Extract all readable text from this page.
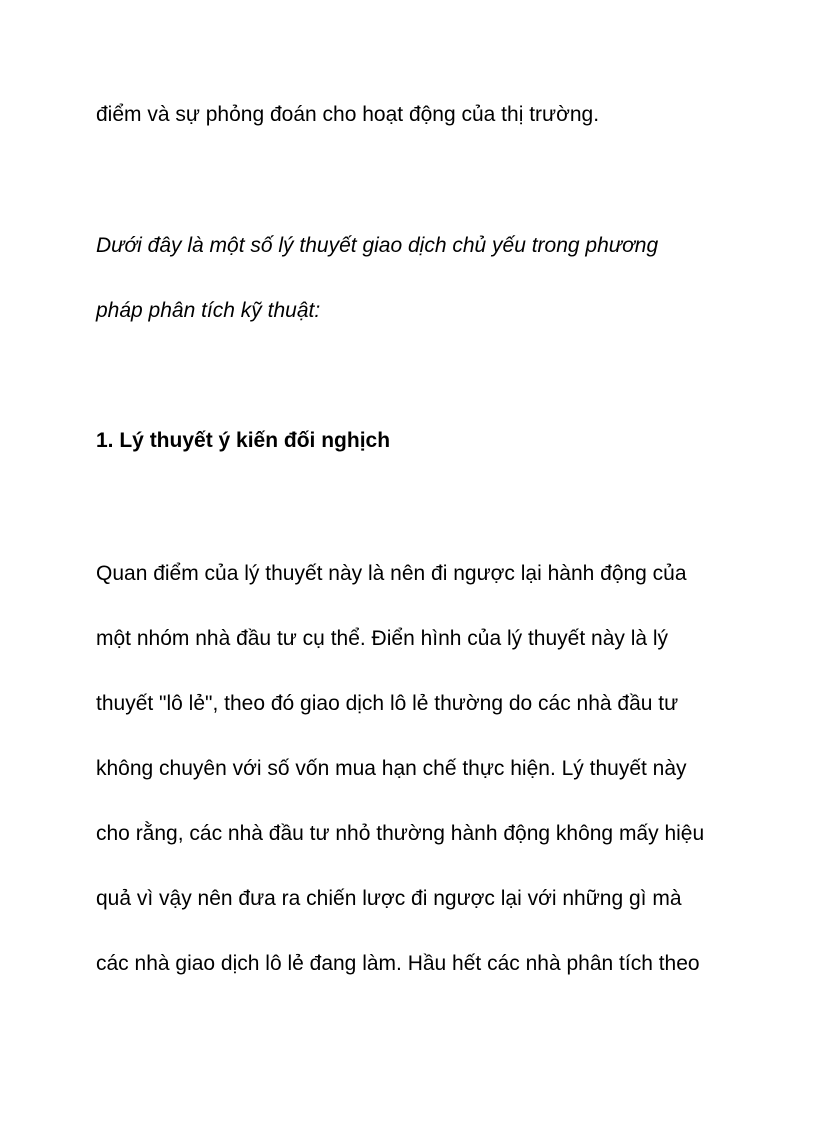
điểm và sự phỏng đoán cho hoạt động của thị trường.
Dưới đây là một số lý thuyết giao dịch chủ yếu trong phương
pháp phân tích kỹ thuật:
1. Lý thuyết ý kiến đối nghịch
Quan điểm của lý thuyết này là nên đi ngược lại hành động của
một nhóm nhà đầu tư cụ thể. Điển hình của lý thuyết này là lý
thuyết "lô lẻ", theo đó giao dịch lô lẻ thường do các nhà đầu tư
không chuyên với số vốn mua hạn chế thực hiện. Lý thuyết này
cho rằng, các nhà đầu tư nhỏ thường hành động không mấy hiệu
quả vì vậy nên đưa ra chiến lược đi ngược lại với những gì mà
các nhà giao dịch lô lẻ đang làm. Hầu hết các nhà phân tích theo
